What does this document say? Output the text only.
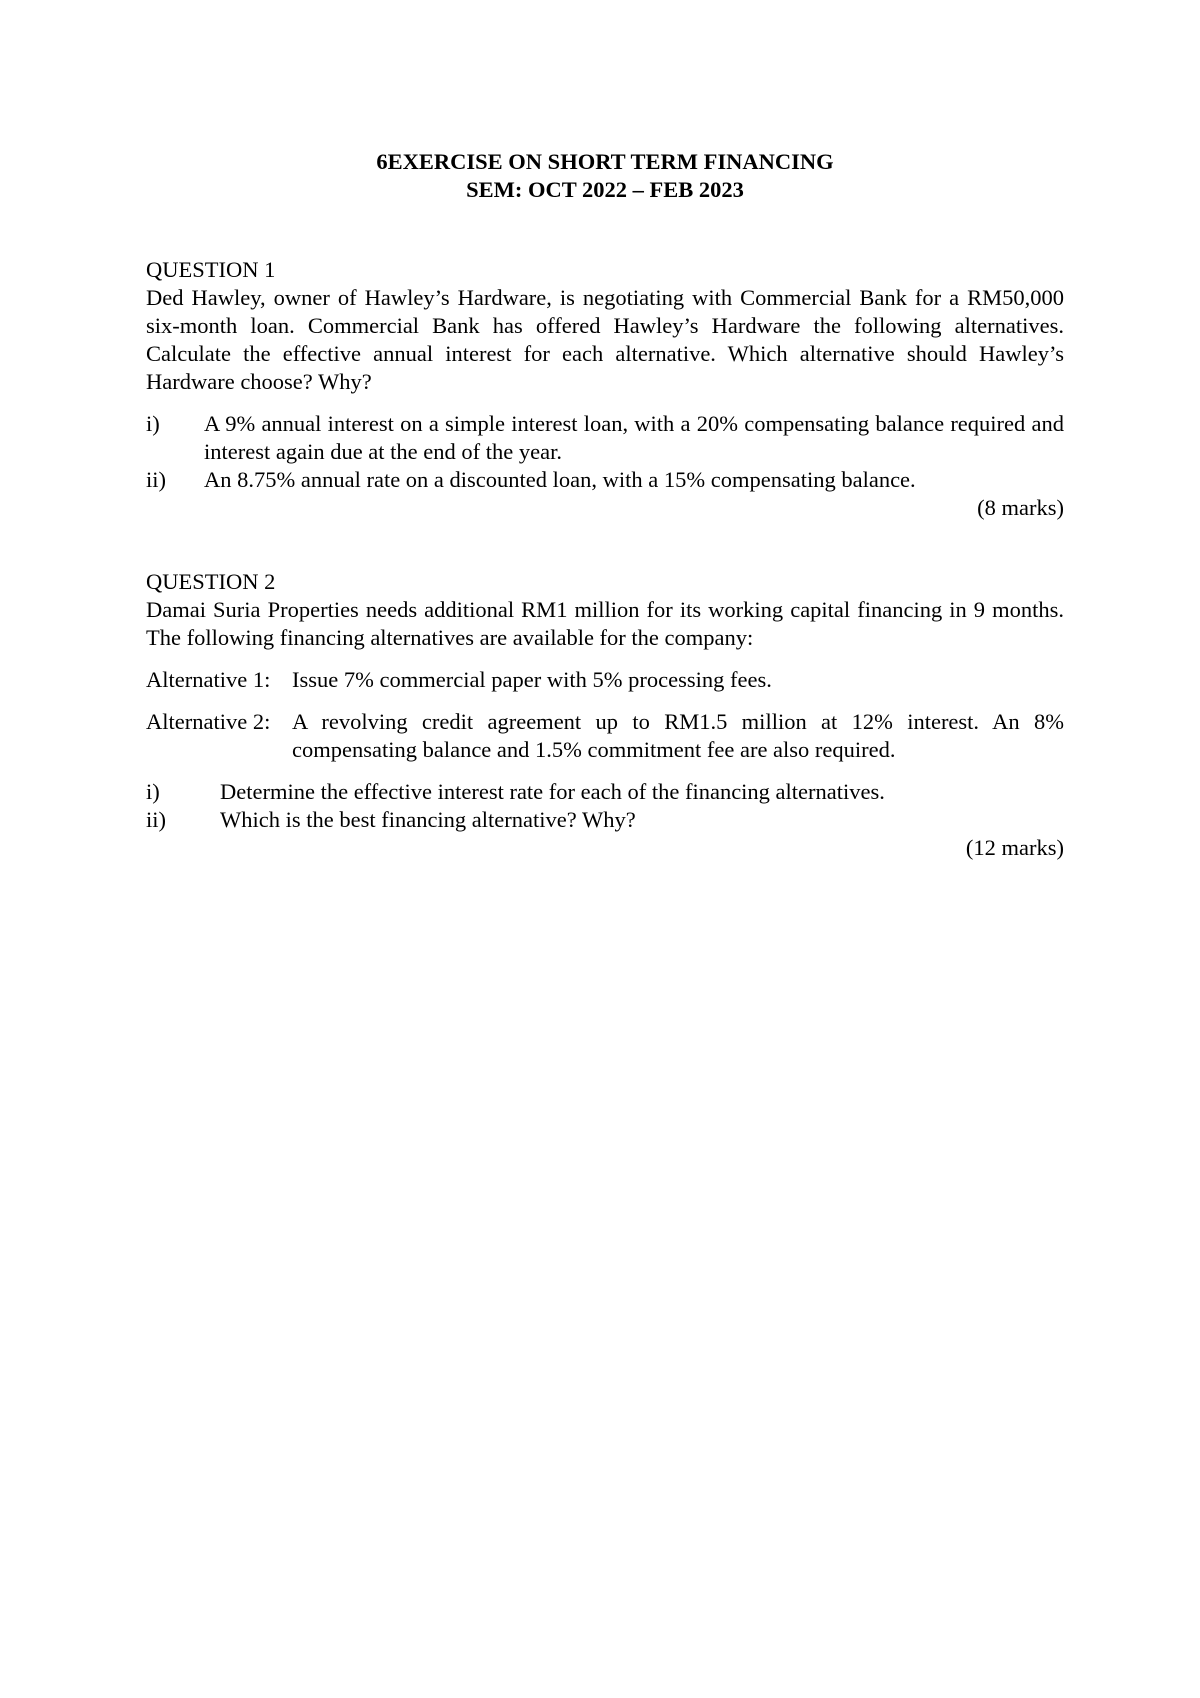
6EXERCISE ON SHORT TERM FINANCING
SEM: OCT 2022 – FEB 2023
QUESTION 1
Ded Hawley, owner of Hawley’s Hardware, is negotiating with Commercial Bank for a RM50,000 six-month loan. Commercial Bank has offered Hawley’s Hardware the following alternatives. Calculate the effective annual interest for each alternative. Which alternative should Hawley’s Hardware choose? Why?
i)	A 9% annual interest on a simple interest loan, with a 20% compensating balance required and interest again due at the end of the year.
ii)	An 8.75% annual rate on a discounted loan, with a 15% compensating balance.
(8 marks)
QUESTION 2
Damai Suria Properties needs additional RM1 million for its working capital financing in 9 months. The following financing alternatives are available for the company:
Alternative 1: Issue 7% commercial paper with 5% processing fees.
Alternative 2: A revolving credit agreement up to RM1.5 million at 12% interest. An 8% compensating balance and 1.5% commitment fee are also required.
i)	Determine the effective interest rate for each of the financing alternatives.
ii)	Which is the best financing alternative? Why?
(12 marks)
